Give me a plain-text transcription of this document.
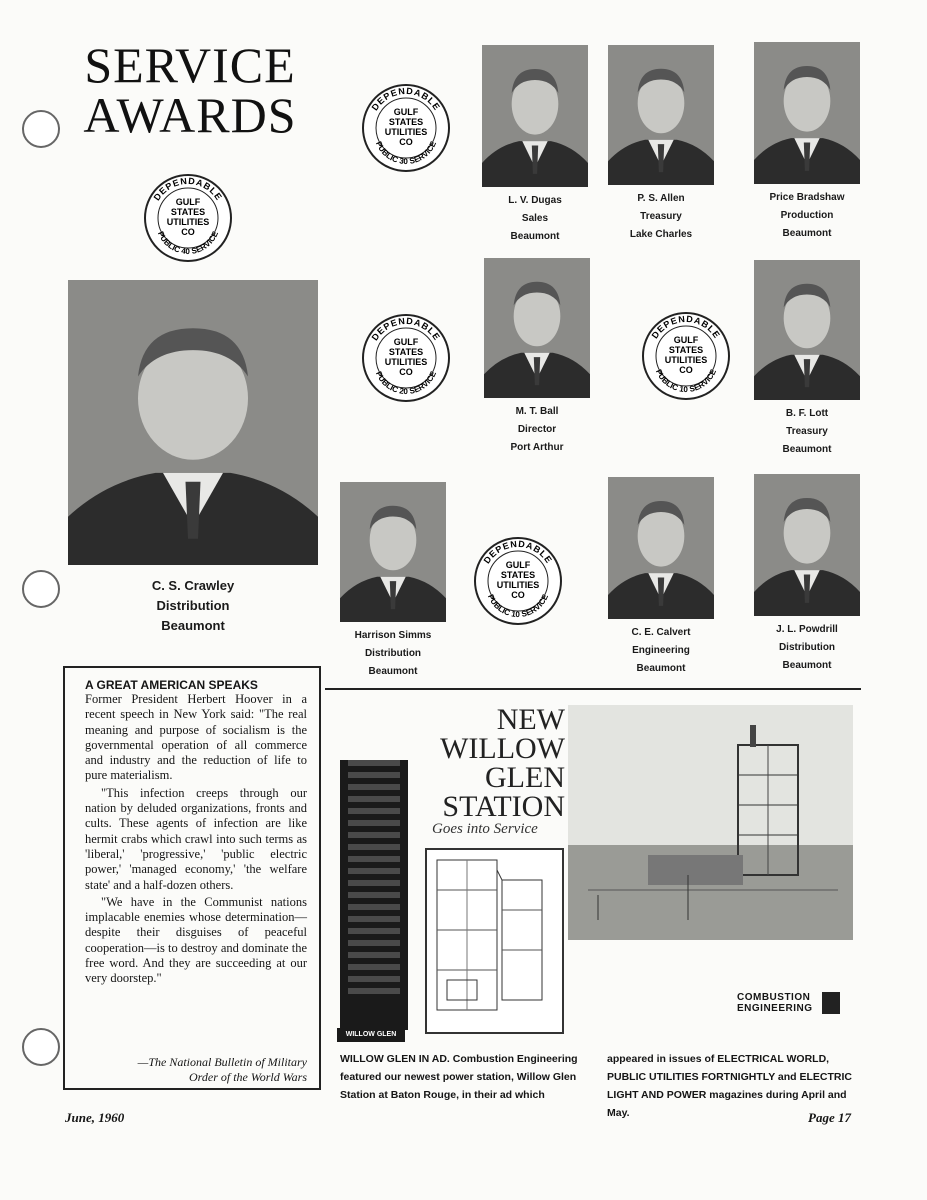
SERVICE
AWARDS
DEPENDABLE
PUBLIC 40 SERVICE
GULF
STATES
UTILITIES
CO
DEPENDABLE
PUBLIC 30 SERVICE
GULF
STATES
UTILITIES
CO
DEPENDABLE
PUBLIC 20 SERVICE
GULF
STATES
UTILITIES
CO
DEPENDABLE
PUBLIC 10 SERVICE
GULF
STATES
UTILITIES
CO
DEPENDABLE
PUBLIC 10 SERVICE
GULF
STATES
UTILITIES
CO
C. S. Crawley
Distribution
Beaumont
L. V. Dugas
Sales
Beaumont
P. S. Allen
Treasury
Lake Charles
Price Bradshaw
Production
Beaumont
M. T. Ball
Director
Port Arthur
B. F. Lott
Treasury
Beaumont
Harrison Simms
Distribution
Beaumont
C. E. Calvert
Engineering
Beaumont
J. L. Powdrill
Distribution
Beaumont
A GREAT AMERICAN SPEAKS

Former President Herbert Hoover in a recent speech in New York said: "The real meaning and purpose of socialism is the governmental operation of all commerce and industry and the reduction of life to pure materialism.

"This infection creeps through our nation by deluded organizations, fronts and cults. These agents of infection are like hermit crabs which crawl into such terms as 'liberal,' 'progressive,' 'public electric power,' 'managed economy,' 'the welfare state' and a half-dozen others.

"We have in the Communist nations implacable enemies whose determination—despite their disguises of peaceful cooperation—is to destroy and dominate the free word. And they are succeeding at our very doorstep."

—The National Bulletin of Military
Order of the World Wars
WILLOW GLEN
NEW
WILLOW
GLEN
STATION
Goes into Service
COMBUSTION
ENGINEERING
WILLOW GLEN IN AD. Combustion Engineering featured our newest power station, Willow Glen Station at Baton Rouge, in their ad which
appeared in issues of ELECTRICAL WORLD, PUBLIC UTILITIES FORTNIGHTLY and ELECTRIC LIGHT AND POWER magazines during April and May.
June, 1960	Page 17
